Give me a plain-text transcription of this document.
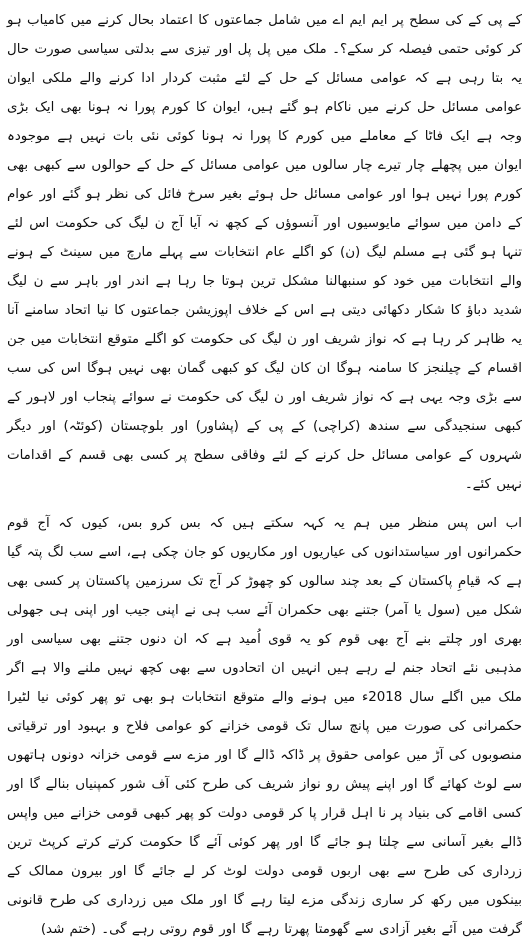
کے پی کے کی سطح پر ایم ایم اے میں شامل جماعتوں کا اعتماد بحال کرنے میں کامیاب ہو کر کوئی حتمی فیصلہ کر سکے؟۔ ملک میں پل پل اور تیزی سے بدلتی سیاسی صورت حال یہ بتا رہی ہے کہ عوامی مسائل کے حل کے لئے مثبت کردار ادا کرنے والے ملکی ایوان عوامی مسائل حل کرنے میں ناکام ہو گئے ہیں، ایوان کا کورم پورا نہ ہونا بھی ایک بڑی وجہ ہے ایک فاٹا کے معاملے میں کورم کا پورا نہ ہونا کوئی نئی بات نہیں ہے موجودہ ایوان میں پچھلے چار تیرے چار سالوں میں عوامی مسائل کے حل کے حوالوں سے کبھی بھی کورم پورا نہیں ہوا اور عوامی مسائل حل ہوئے بغیر سرخ فائل کی نظر ہو گئے اور عوام کے دامن میں سوائے مایوسیوں اور آنسوؤں کے کچھ نہ آیا آج ن لیگ کی حکومت اس لئے تنہا ہو گئی ہے مسلم لیگ (ن) کو اگلے عام انتخابات سے پہلے مارچ میں سینٹ کے ہونے والے انتخابات میں خود کو سنبھالنا مشکل ترین ہوتا جا رہا ہے اندر اور باہر سے ن لیگ شدید دباؤ کا شکار دکھائی دیتی ہے اس کے خلاف اپوزیشن جماعتوں کا نیا اتحاد سامنے آنا یہ ظاہر کر رہا ہے کہ نواز شریف اور ن لیگ کی حکومت کو اگلے متوقع انتخابات میں جن اقسام کے چیلنجز کا سامنہ ہوگا ان کان لیگ کو کبھی گمان بھی نہیں ہوگا اس کی سب سے بڑی وجہ یہی ہے کہ نواز شریف اور ن لیگ کی حکومت نے سوائے پنجاب اور لاہور کے کبھی سنجیدگی سے سندھ (کراچی) کے پی کے (پشاور) اور بلوچستان (کوئٹہ) اور دیگر شہروں کے عوامی مسائل حل کرنے کے لئے وفاقی سطح پر کسی بھی قسم کے اقدامات نہیں کئے۔

اب اس پس منظر میں ہم یہ کہہ سکتے ہیں کہ بس کرو بس، کیوں کہ آج قوم حکمرانوں اور سیاستدانوں کی عیاریوں اور مکاریوں کو جان چکی ہے، اسے سب لگ پتہ گیا ہے کہ قیامِ پاکستان کے بعد چند سالوں کو چھوڑ کر آج تک سرزمین پاکستان پر کسی بھی شکل میں (سول یا آمر) جتنے بھی حکمران آئے سب ہی نے اپنی جیب اور اپنی ہی جھولی بھری اور چلتے بنے آج بھی قوم کو یہ قوی اُمید ہے کہ ان دنوں جتنے بھی سیاسی اور مذہبی نئے اتحاد جنم لے رہے ہیں انہیں ان اتحادوں سے بھی کچھ نہیں ملنے والا ہے اگر ملک میں اگلے سال 2018ء میں ہونے والے متوقع انتخابات ہو بھی تو پھر کوئی نیا لٹیرا حکمرانی کی صورت میں پانچ سال تک قومی خزانے کو عوامی فلاح و بہبود اور ترقیاتی منصوبوں کی آڑ میں عوامی حقوق پر ڈاکہ ڈالے گا اور مزے سے قومی خزانہ دونوں ہاتھوں سے لوٹ کھائے گا اور اپنے پیش رو نواز شریف کی طرح کئی آف شور کمپنیاں بنالے گا اور کسی اقامے کی بنیاد پر نا اہل قرار پا کر قومی دولت کو پھر کبھی قومی خزانے میں واپس ڈالے بغیر آسانی سے چلتا ہو جائے گا اور پھر کوئی آئے گا حکومت کرتے کرتے کرپٹ ترین زرداری کی طرح سے بھی اربوں قومی دولت لوٹ کر لے جائے گا اور بیرون ممالک کے بینکوں میں رکھ کر ساری زندگی مزے لیتا رہے گا اور ملک میں زرداری کی طرح قانونی گرفت میں آئے بغیر آزادی سے گھومتا پھرتا رہے گا اور قوم روتی رہے گی۔ (ختم شد)
